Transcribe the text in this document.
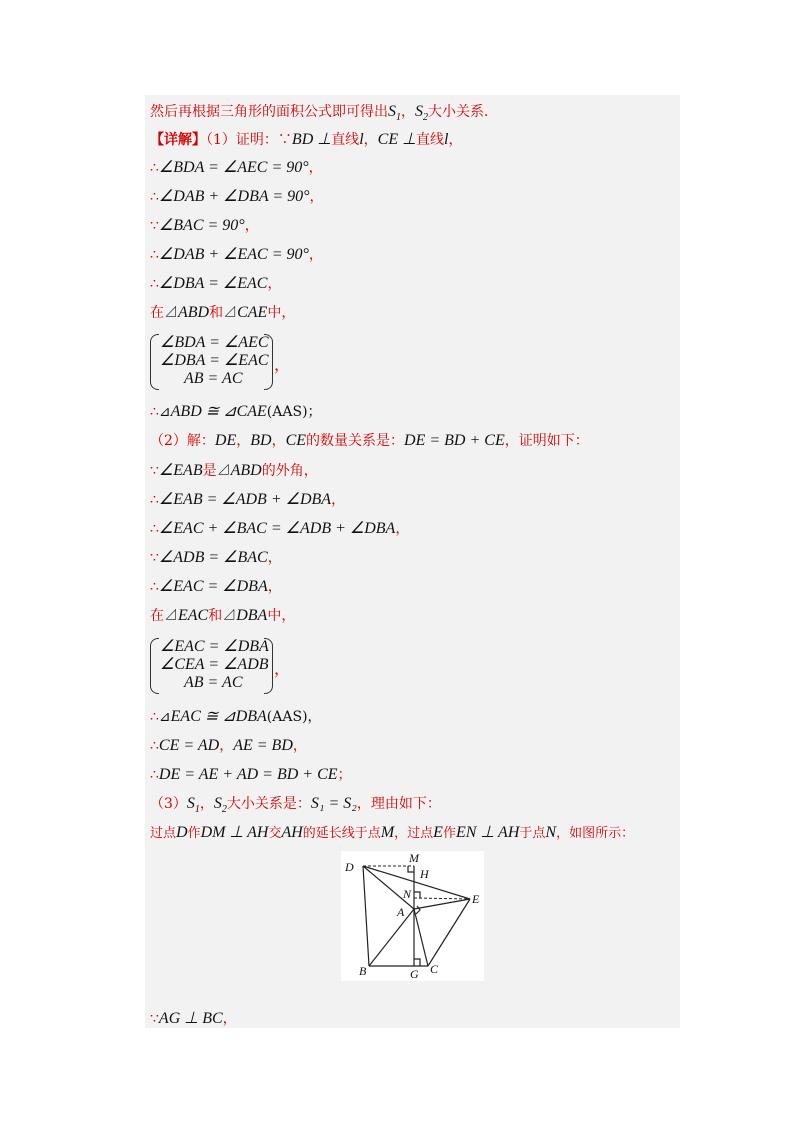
然后再根据三角形的面积公式即可得出$S_1$，$S_2$大小关系．
【详解】（1）证明：∵BD ⊥直线l，CE ⊥直线l，
∴∠BDA = ∠AEC = 90°，
∴∠DAB + ∠DBA = 90°，
∵∠BAC = 90°，
∴∠DAB + ∠EAC = 90°，
∴∠DBA = ∠EAC，
在⊿ABD和⊿CAE中，
∠BDA = ∠AEC
∠DBA = ∠EAC
AB = AC
，
∴⊿ABD ≅ ⊿CAE(AAS)；
（2）解：DE，BD，CE的数量关系是：DE = BD + CE，证明如下：
∵∠EAB是⊿ABD的外角，
∴∠EAB = ∠ADB + ∠DBA，
∴∠EAC + ∠BAC = ∠ADB + ∠DBA，
∵∠ADB = ∠BAC，
∴∠EAC = ∠DBA，
在⊿EAC和⊿DBA中，
∠EAC = ∠DBA
∠CEA = ∠ADB
AB = AC
，
∴⊿EAC ≅ ⊿DBA(AAS)，
∴CE = AD，AE = BD，
∴DE = AE + AD = BD + CE；
$(3)S_1$，$S_2$大小关系是：S₁ = S₂，理由如下：
过点D作DM ⊥ AH交AH的延长线于点M，过点E作EN ⊥ AH于点N，如图所示：
D
M
H
N	E
A
B	G C
∵AG ⊥ BC，
